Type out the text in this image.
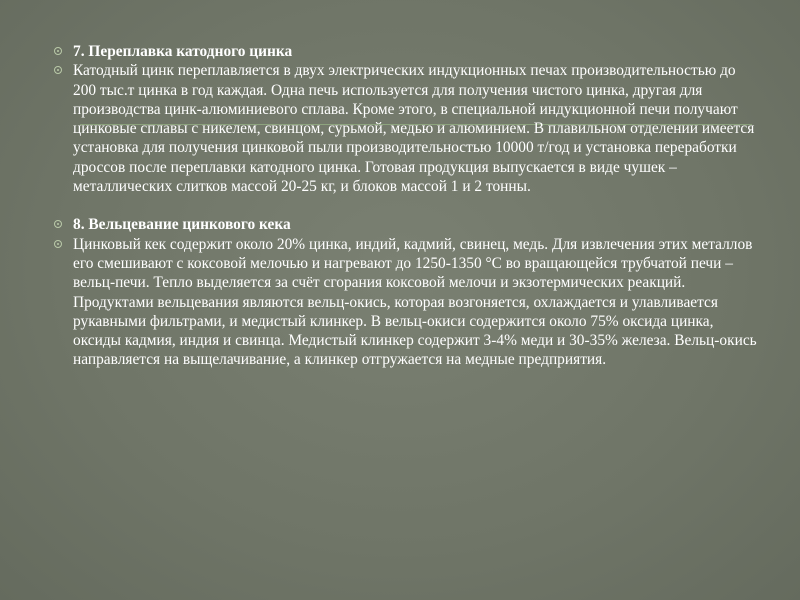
7. Переплавка катодного цинка
Катодный цинк переплавляется в двух электрических индукционных печах производительностью до 200 тыс.т цинка в год каждая. Одна печь используется для получения чистого цинка, другая для производства цинк-алюминиевого сплава. Кроме этого, в специальной индукционной печи получают цинковые сплавы с никелем, свинцом, сурьмой, медью и алюминием. В плавильном отделении имеется установка для получения цинковой пыли производительностью 10000 т/год и установка переработки дроссов после переплавки катодного цинка. Готовая продукция выпускается в виде чушек – металлических слитков массой 20-25 кг, и блоков массой 1 и 2 тонны.
8. Вельцевание цинкового кека
Цинковый кек содержит около 20% цинка, индий, кадмий, свинец, медь. Для извлечения этих металлов его смешивают с коксовой мелочью и нагревают до 1250-1350 °С во вращающейся трубчатой печи – вельц-печи. Тепло выделяется за счёт сгорания коксовой мелочи и экзотермических реакций. Продуктами вельцевания являются вельц-окись, которая возгоняется, охлаждается и улавливается рукавными фильтрами, и медистый клинкер. В вельц-окиси содержится около 75% оксида цинка, оксиды кадмия, индия и свинца. Медистый клинкер содержит 3-4% меди и 30-35% железа. Вельц-окись направляется на выщелачивание, а клинкер отгружается на медные предприятия.
